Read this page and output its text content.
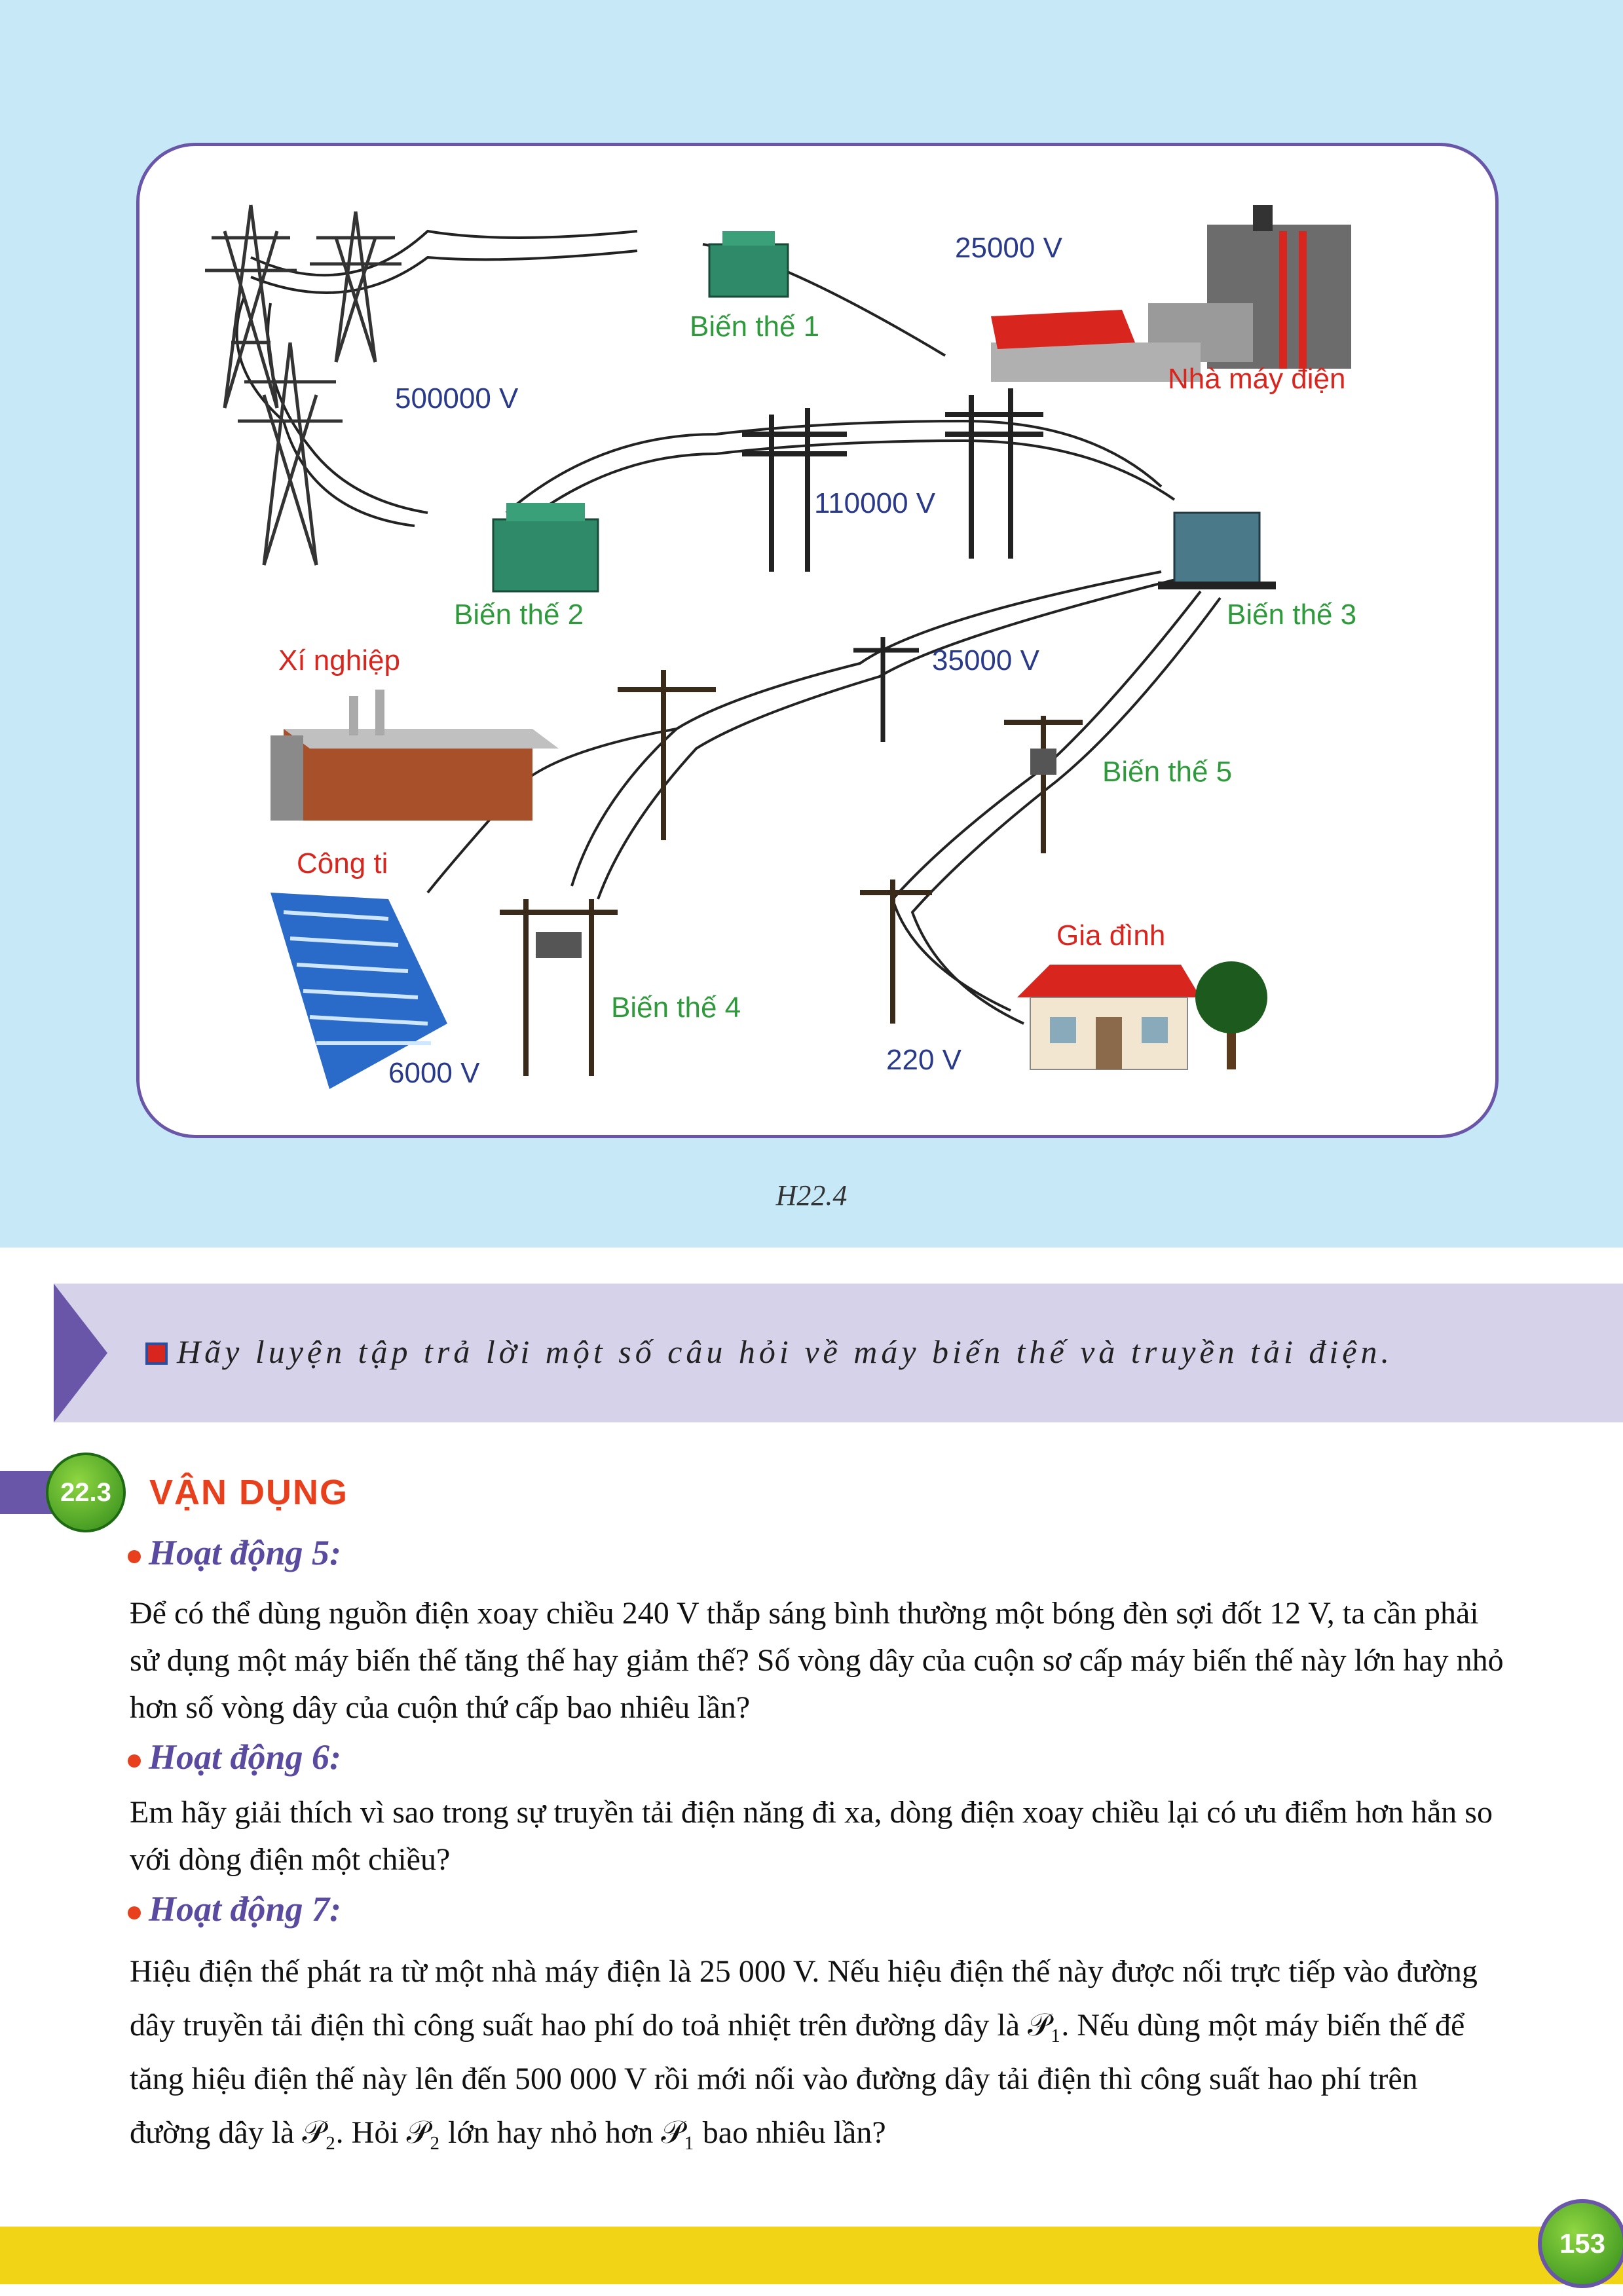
25000 V
Biến thế 1
Nhà máy điện
500000 V
110000 V
Biến thế 2	Biến thế 3
Xí nghiệp	35000 V
Biến thế 5
Công ti
Gia đình
Biến thế 4
6000 V	220 V
H22.4
Hãy luyện tập trả lời một số câu hỏi về máy biến thế và truyền tải điện.
22.3	VẬN DỤNG
Hoạt động 5:
Để có thể dùng nguồn điện xoay chiều 240 V thắp sáng bình thường một bóng đèn sợi đốt 12 V, ta cần phải sử dụng một máy biến thế tăng thế hay giảm thế? Số vòng dây của cuộn sơ cấp máy biến thế này lớn hay nhỏ hơn số vòng dây của cuộn thứ cấp bao nhiêu lần?
Hoạt động 6:
Em hãy giải thích vì sao trong sự truyền tải điện năng đi xa, dòng điện xoay chiều lại có ưu điểm hơn hẳn so với dòng điện một chiều?
Hoạt động 7:
Hiệu điện thế phát ra từ một nhà máy điện là 25 000 V. Nếu hiệu điện thế này được nối trực tiếp vào đường dây truyền tải điện thì công suất hao phí do toả nhiệt trên đường dây là 𝒫₁. Nếu dùng một máy biến thế để tăng hiệu điện thế này lên đến 500 000 V rồi mới nối vào đường dây tải điện thì công suất hao phí trên đường dây là 𝒫₂. Hỏi 𝒫₂ lớn hay nhỏ hơn 𝒫₁ bao nhiêu lần?
153
